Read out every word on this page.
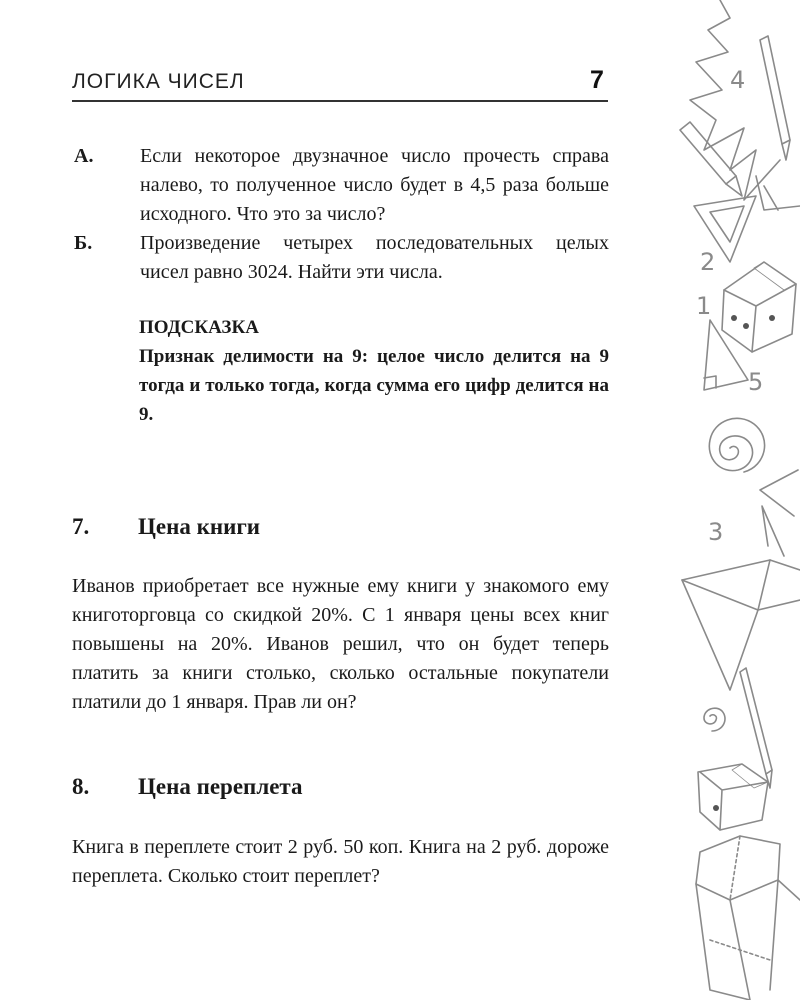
ЛОГИКА ЧИСЕЛ	7
А. Если некоторое двузначное число прочесть справа налево, то полученное число будет в 4,5 раза больше исходного. Что это за число?
Б. Произведение четырех последовательных целых чисел равно 3024. Найти эти числа.
ПОДСКАЗКА
Признак делимости на 9: целое число делится на 9 тогда и только тогда, когда сумма его цифр делится на 9.
7. Цена книги
Иванов приобретает все нужные ему книги у знакомого ему книготорговца со скидкой 20%. С 1 января цены всех книг повышены на 20%. Иванов решил, что он будет теперь платить за книги столько, сколько остальные покупатели платили до 1 января. Прав ли он?
8. Цена переплета
Книга в переплете стоит 2 руб. 50 коп. Книга на 2 руб. дороже переплета. Сколько стоит переплет?
4
2
1
5
3
